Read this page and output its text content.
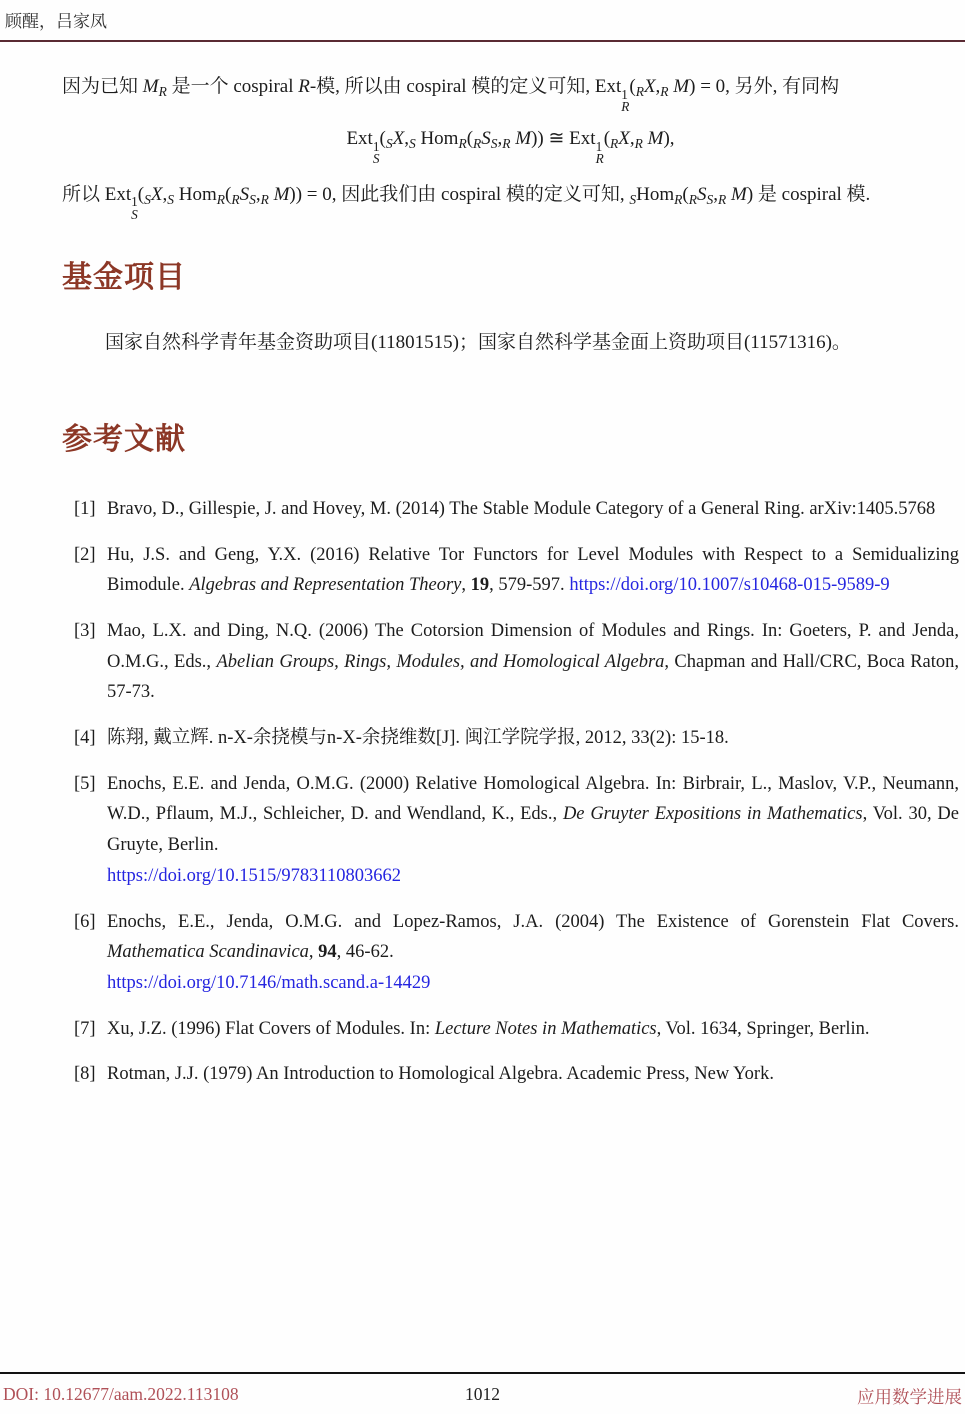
顾醒，吕家凤

因为已知 $M_R$ 是一个 cospiral R-模, 所以由 cospiral 模的定义可知, Ext 1
R
($_RX,_R$ M) = 0, 另外, 有同构

Ext 1
S
($_SX,_S$ $Hom_R(_RS_S,_R$ M)) ≅ Ext 1
R
($_RX,_R$ M),

所以 Ext 1
S
($_SX,_S$ $Hom_R(_RS_S,_R$ M)) = 0, 因此我们由 cospiral 模的定义可知, $_SHom_R(_RS_S,_R$ M) 是 cospiral 模.

基金项目

国家自然科学青年基金资助项目(11801515)；国家自然科学基金面上资助项目(11571316)。

参考文献
[1] Bravo, D., Gillespie, J. and Hovey, M. (2014) The Stable Module Category of a General Ring. arXiv:1405.5768
[2] Hu, J.S. and Geng, Y.X. (2016) Relative Tor Functors for Level Modules with Respect to a Semidualizing Bimodule. Algebras and Representation Theory, 19, 579-597. https://doi.org/10.1007/s10468-015-9589-9
[3] Mao, L.X. and Ding, N.Q. (2006) The Cotorsion Dimension of Modules and Rings. In: Goeters, P. and Jenda, O.M.G., Eds., Abelian Groups, Rings, Modules, and Homological Algebra, Chapman and Hall/CRC, Boca Raton, 57-73.
[4] 陈翔, 戴立辉. n-X-余挠模与n-X-余挠维数[J]. 闽江学院学报, 2012, 33(2): 15-18.
[5] Enochs, E.E. and Jenda, O.M.G. (2000) Relative Homological Algebra. In: Birbrair, L., Maslov, V.P., Neumann, W.D., Pflaum, M.J., Schleicher, D. and Wendland, K., Eds., De Gruyter Expositions in Mathematics, Vol. 30, De Gruyte, Berlin.
https://doi.org/10.1515/9783110803662
[6] Enochs, E.E., Jenda, O.M.G. and Lopez-Ramos, J.A. (2004) The Existence of Gorenstein Flat Covers. Mathematica Scandinavica, 94, 46-62.
https://doi.org/10.7146/math.scand.a-14429
[7] Xu, J.Z. (1996) Flat Covers of Modules. In: Lecture Notes in Mathematics, Vol. 1634, Springer, Berlin.
[8] Rotman, J.J. (1979) An Introduction to Homological Algebra. Academic Press, New York.
DOI: 10.12677/aam.2022.113108	1012	应用数学进展
